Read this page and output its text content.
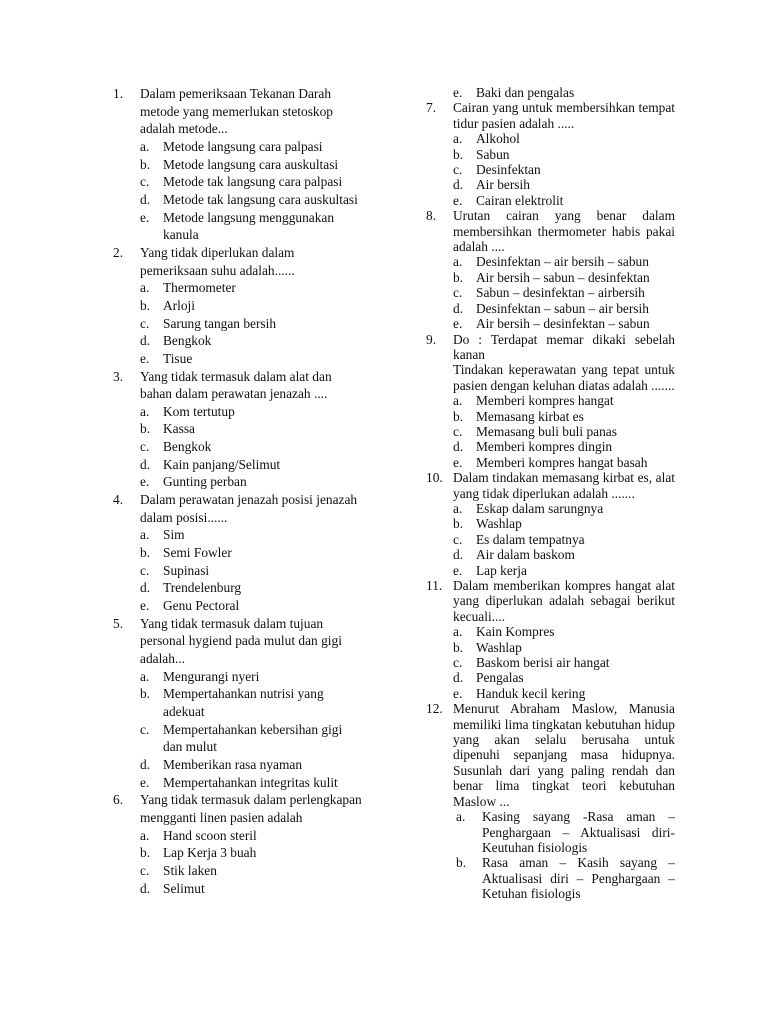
1.	Dalam pemeriksaan Tekanan Darah metode yang memerlukan stetoskop adalah metode...
a.	Metode langsung cara palpasi
b. Metode langsung cara auskultasi
c.	Metode tak langsung cara palpasi
d. Metode tak langsung cara auskultasi
e.	Metode langsung menggunakan kanula
2.	Yang tidak diperlukan dalam pemeriksaan suhu adalah......
a.	Thermometer
b. Arloji
c.	Sarung tangan bersih
d. Bengkok
e.	Tisue
3.	Yang tidak termasuk dalam alat dan bahan dalam perawatan jenazah ....
a.	Kom tertutup
b. Kassa
c.	Bengkok
d. Kain panjang/Selimut
e.	Gunting perban
4.	Dalam perawatan jenazah posisi jenazah dalam posisi......
a.	Sim
b. Semi Fowler
c.	Supinasi
d. Trendelenburg
e.	Genu Pectoral
5.	Yang tidak termasuk dalam tujuan personal hygiend pada mulut dan gigi adalah...
a.	Mengurangi nyeri
b. Mempertahankan nutrisi yang adekuat
c.	Mempertahankan kebersihan gigi dan mulut
d. Memberikan rasa nyaman
e.	Mempertahankan integritas kulit
6.	Yang tidak termasuk dalam perlengkapan mengganti linen pasien adalah
a.	Hand scoon steril
b. Lap Kerja 3 buah
c.	Stik laken
d. Selimut
e.	Baki dan pengalas
7.	Cairan yang untuk membersihkan tempat tidur pasien adalah .....
a.	Alkohol
b. Sabun
c.	Desinfektan
d. Air bersih
e.	Cairan elektrolit
8.	Urutan cairan yang benar dalam membersihkan thermometer habis pakai adalah ....
a.	Desinfektan – air bersih – sabun
b. Air bersih – sabun – desinfektan
c.	Sabun – desinfektan – airbersih
d. Desinfektan – sabun – air bersih
e.	Air bersih – desinfektan – sabun
9.	Do : Terdapat memar dikaki sebelah kanan
Tindakan keperawatan yang tepat untuk pasien dengan keluhan diatas adalah .......
a.	Memberi kompres hangat
b. Memasang kirbat es
c.	Memasang buli buli panas
d. Memberi kompres dingin
e.	Memberi kompres hangat basah
10. Dalam tindakan memasang kirbat es, alat yang tidak diperlukan adalah .......
a.	Eskap dalam sarungnya
b. Washlap
c.	Es dalam tempatnya
d. Air dalam baskom
e.	Lap kerja
11. Dalam memberikan kompres hangat alat yang diperlukan adalah sebagai berikut kecuali....
a.	Kain Kompres
b. Washlap
c.	Baskom berisi air hangat
d. Pengalas
e.	Handuk kecil kering
12. Menurut Abraham Maslow, Manusia memiliki lima tingkatan kebutuhan hidup yang akan selalu berusaha untuk dipenuhi sepanjang masa hidupnya. Susunlah dari yang paling rendah dan benar lima tingkat teori kebutuhan Maslow ...
a.	Kasing sayang -Rasa aman – Penghargaan – Aktualisasi diri- Keutuhan fisiologis
b.	Rasa aman – Kasih sayang – Aktualisasi diri – Penghargaan – Ketuhan fisiologis
